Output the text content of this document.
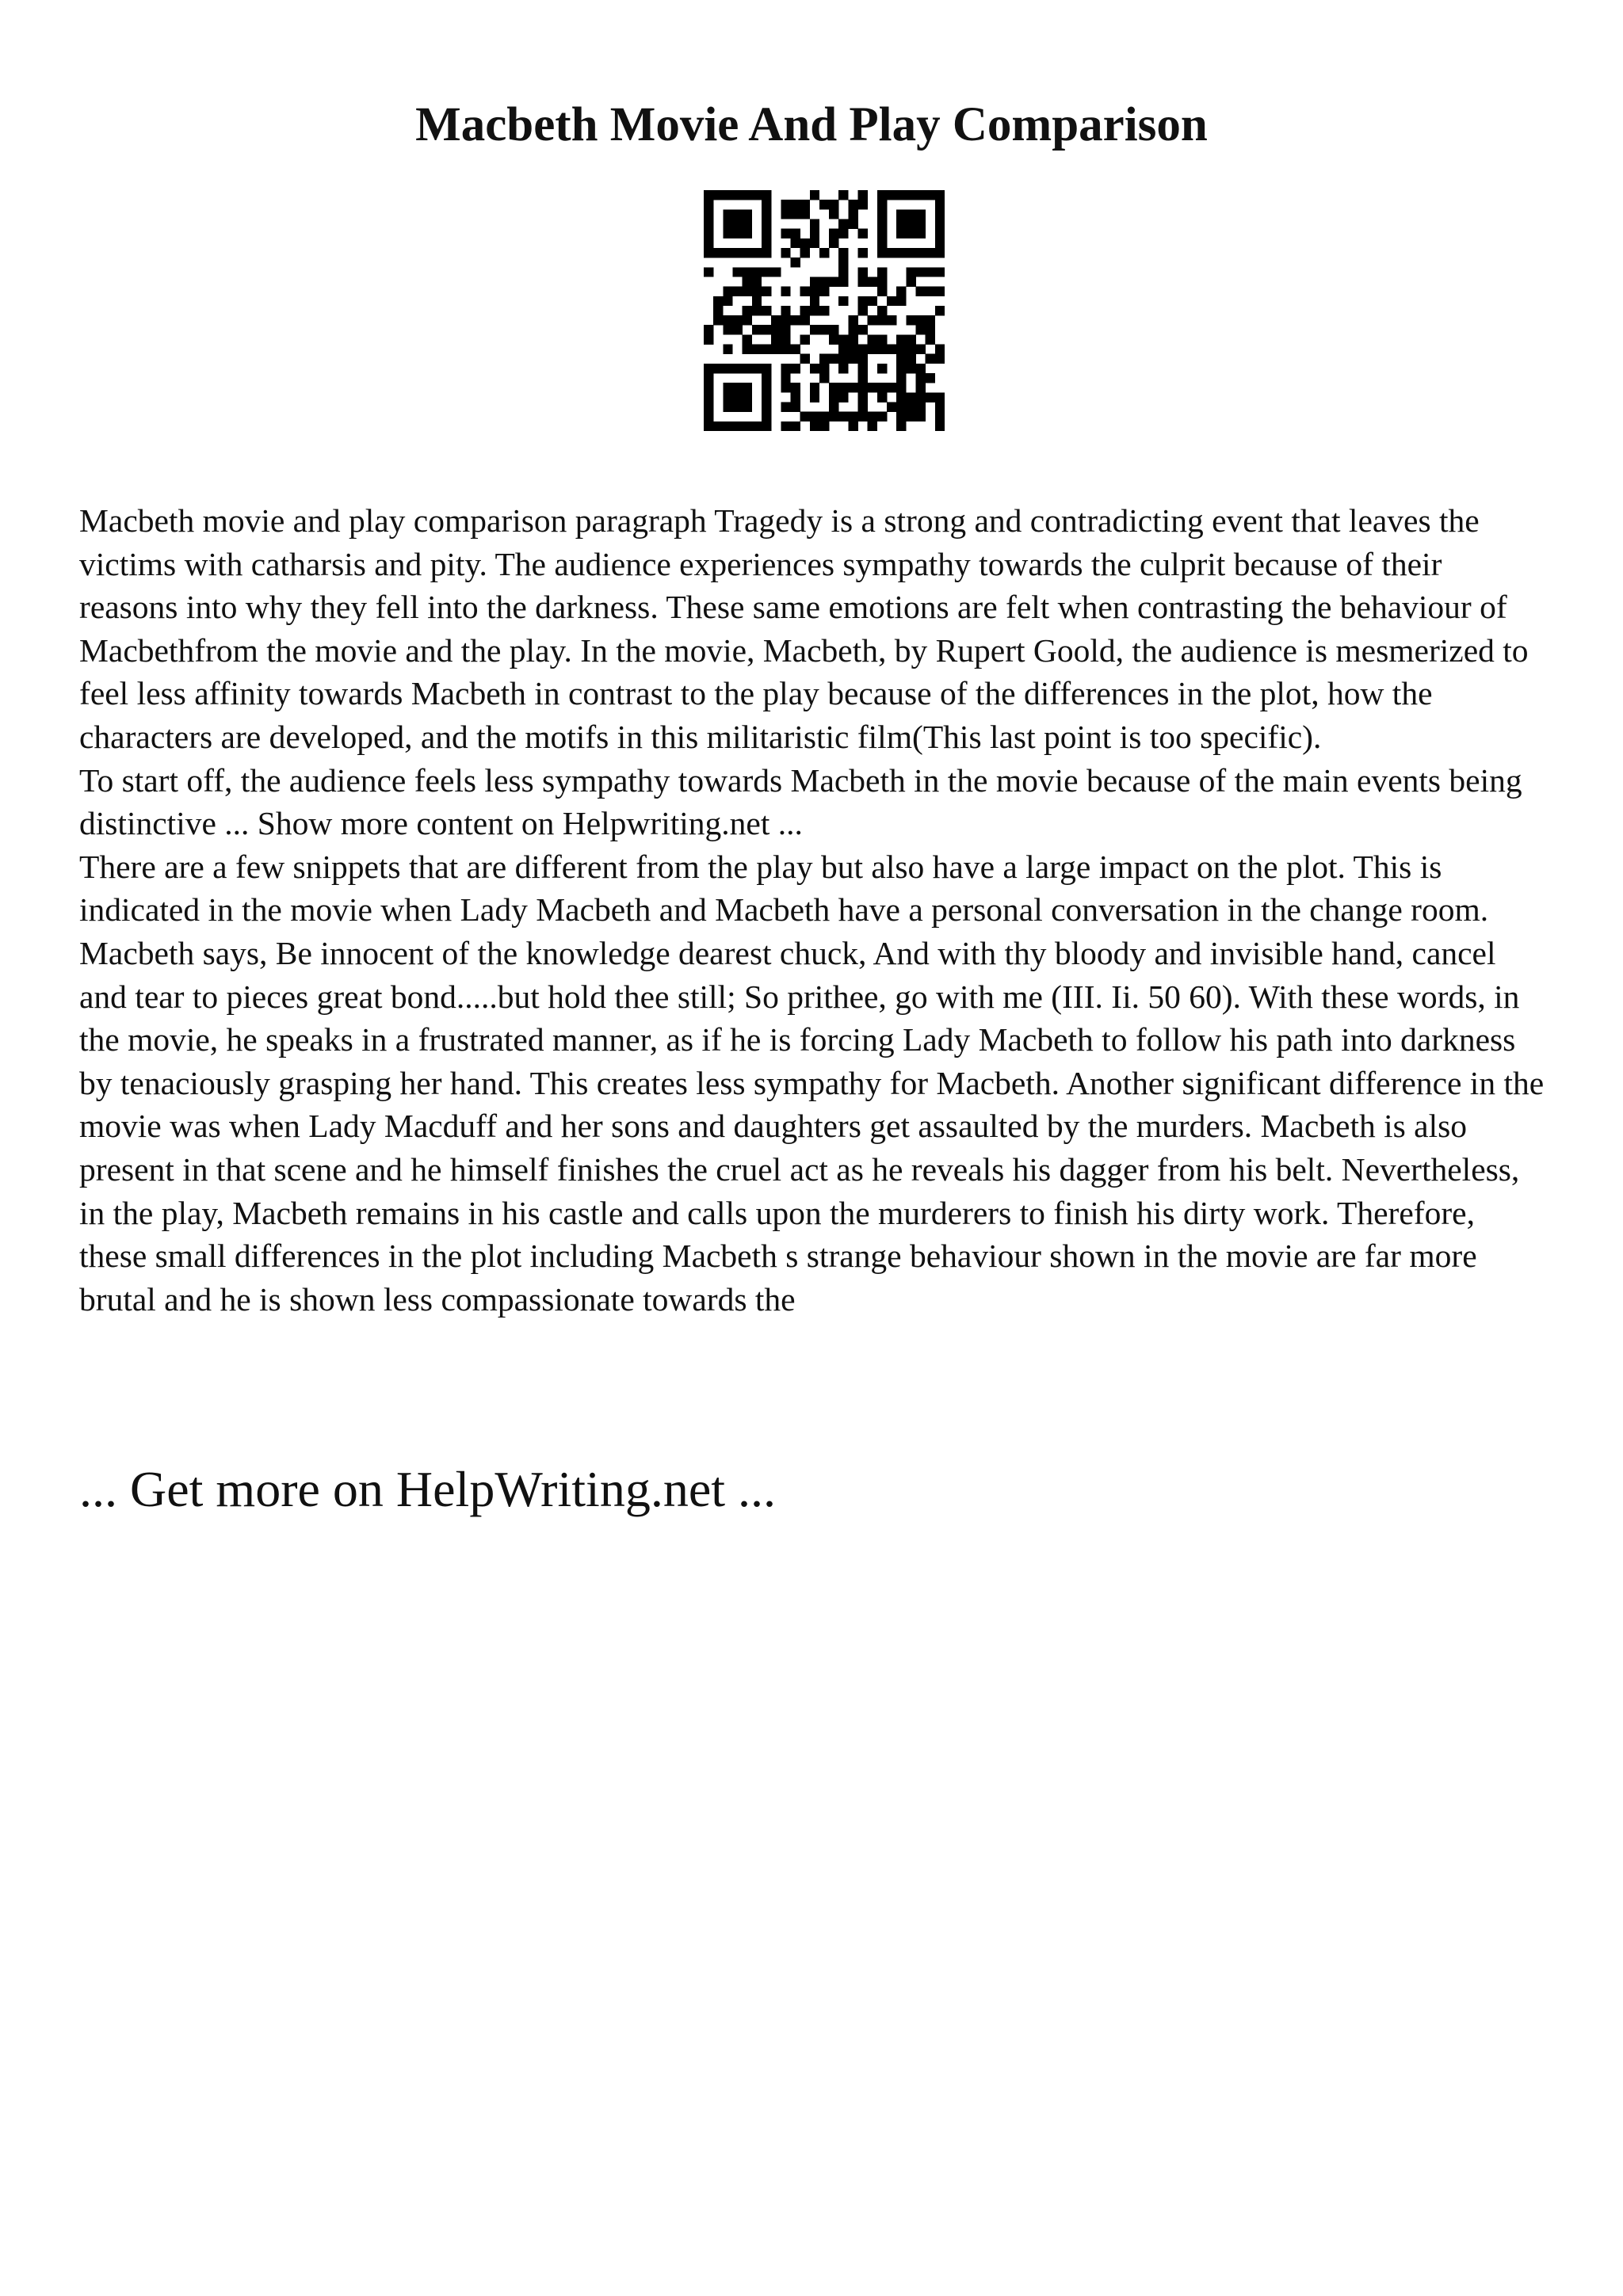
Macbeth Movie And Play Comparison

Macbeth movie and play comparison paragraph Tragedy is a strong and contradicting event that leaves the victims with catharsis and pity. The audience experiences sympathy towards the culprit because of their reasons into why they fell into the darkness. These same emotions are felt when contrasting the behaviour of Macbethfrom the movie and the play. In the movie, Macbeth, by Rupert Goold, the audience is mesmerized to feel less affinity towards Macbeth in contrast to the play because of the differences in the plot, how the characters are developed, and the motifs in this militaristic film(This last point is too specific).

To start off, the audience feels less sympathy towards Macbeth in the movie because of the main events being distinctive ... Show more content on Helpwriting.net ...

There are a few snippets that are different from the play but also have a large impact on the plot. This is indicated in the movie when Lady Macbeth and Macbeth have a personal conversation in the change room. Macbeth says, Be innocent of the knowledge dearest chuck, And with thy bloody and invisible hand, cancel and tear to pieces great bond.....but hold thee still; So prithee, go with me (III. Ii. 50 60). With these words, in the movie, he speaks in a frustrated manner, as if he is forcing Lady Macbeth to follow his path into darkness by tenaciously grasping her hand. This creates less sympathy for Macbeth. Another significant difference in the movie was when Lady Macduff and her sons and daughters get assaulted by the murders. Macbeth is also present in that scene and he himself finishes the cruel act as he reveals his dagger from his belt. Nevertheless, in the play, Macbeth remains in his castle and calls upon the murderers to finish his dirty work. Therefore, these small differences in the plot including Macbeth s strange behaviour shown in the movie are far more brutal and he is shown less compassionate towards the

... Get more on HelpWriting.net ...
